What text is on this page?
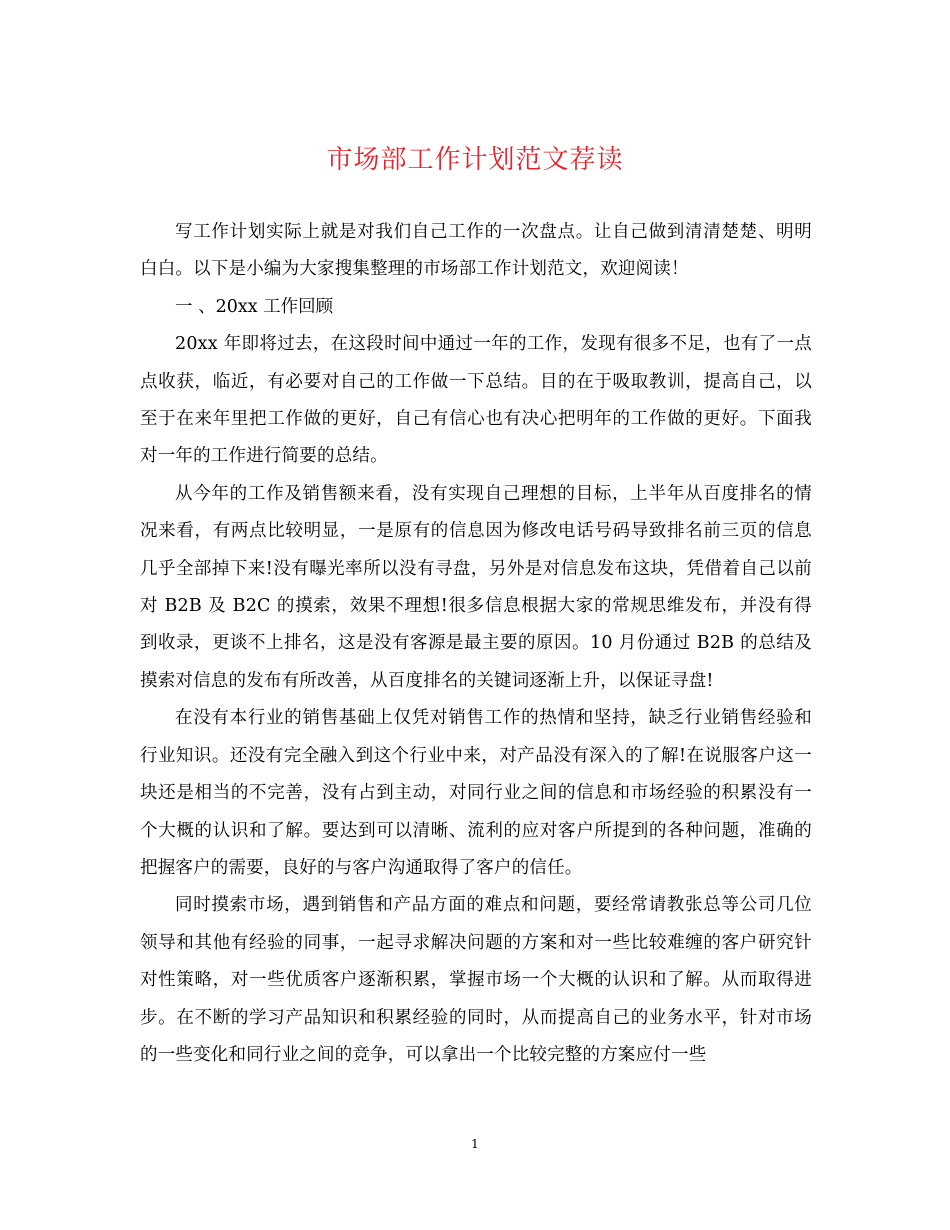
市场部工作计划范文荐读

写工作计划实际上就是对我们自己工作的一次盘点。让自己做到清清楚楚、明明白白。以下是小编为大家搜集整理的市场部工作计划范文，欢迎阅读！

一 、20xx 工作回顾

20xx 年即将过去，在这段时间中通过一年的工作，发现有很多不足，也有了一点点收获，临近，有必要对自己的工作做一下总结。目的在于吸取教训，提高自己，以至于在来年里把工作做的更好，自己有信心也有决心把明年的工作做的更好。下面我对一年的工作进行简要的总结。

从今年的工作及销售额来看，没有实现自己理想的目标，上半年从百度排名的情况来看，有两点比较明显，一是原有的信息因为修改电话号码导致排名前三页的信息几乎全部掉下来!没有曝光率所以没有寻盘，另外是对信息发布这块，凭借着自己以前对 B2B 及 B2C 的摸索，效果不理想!很多信息根据大家的常规思维发布，并没有得到收录，更谈不上排名，这是没有客源是最主要的原因。10 月份通过 B2B 的总结及摸索对信息的发布有所改善，从百度排名的关键词逐渐上升，以保证寻盘!

在没有本行业的销售基础上仅凭对销售工作的热情和坚持，缺乏行业销售经验和行业知识。还没有完全融入到这个行业中来，对产品没有深入的了解!在说服客户这一块还是相当的不完善，没有占到主动，对同行业之间的信息和市场经验的积累没有一个大概的认识和了解。要达到可以清晰、流利的应对客户所提到的各种问题，准确的把握客户的需要，良好的与客户沟通取得了客户的信任。

同时摸索市场，遇到销售和产品方面的难点和问题，要经常请教张总等公司几位领导和其他有经验的同事，一起寻求解决问题的方案和对一些比较难缠的客户研究针对性策略，对一些优质客户逐渐积累，掌握市场一个大概的认识和了解。从而取得进步。在不断的学习产品知识和积累经验的同时，从而提高自己的业务水平，针对市场的一些变化和同行业之间的竞争，可以拿出一个比较完整的方案应付一些

1
